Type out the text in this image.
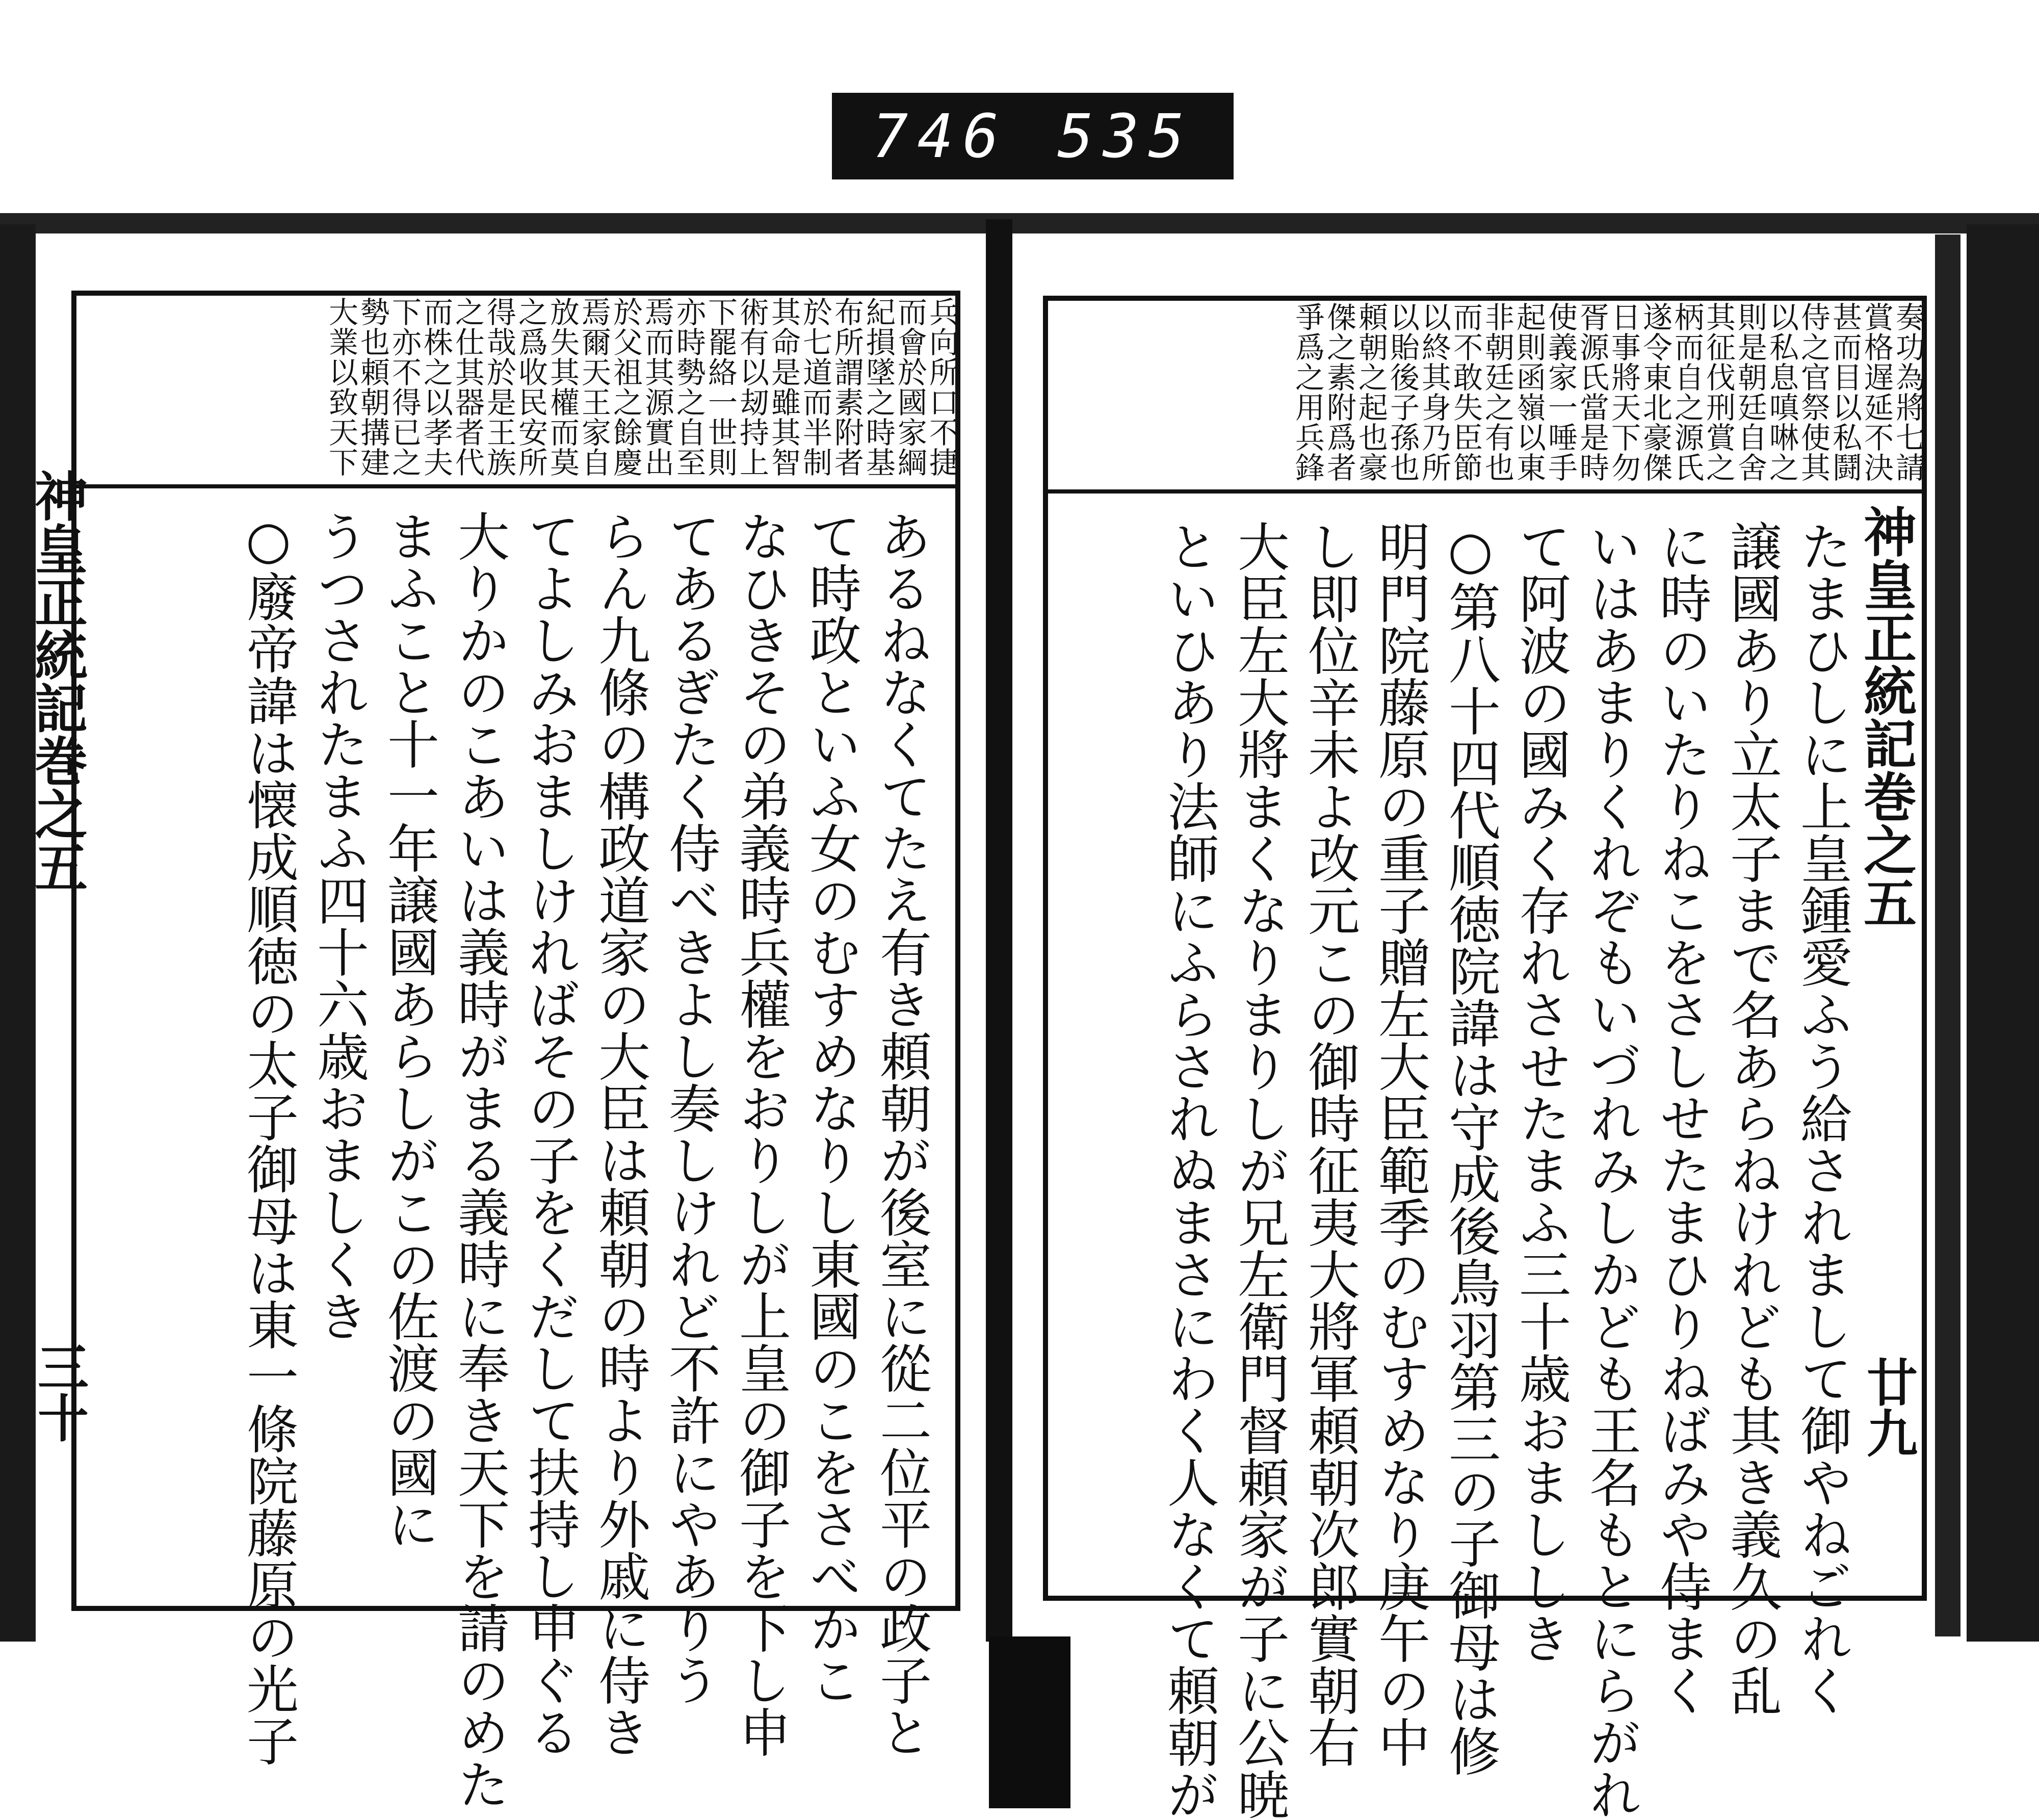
746 535
奏功為將七請
賞格遅延不決
甚而目以私鬪
侍之官祭使其
以私息嗔啉之
則是朝廷自舍
其征伐刑賞之
柄而自之源氏
遂令東北豪傑
日事將天下勿
胥源氏當是時
使義家一唾手
起則函嶺以東
非朝廷之有也
而不敢失臣節
以終其身乃所
以貽後子孫也
頼朝之起也豪
傑之素附爲者
爭爲之用兵鋒
たまひしに上皇鍾愛ふう給されまして御やねごれく
譲國あり立太子まで名あらねけれども其き義久の乱
に時のいたりねこをさしせたまひりねばみや侍まく
いはあまりくれぞもいづれみしかども王名もとにらがれ
て阿波の國みく存れさせたまふ三十歳おまししき
○第八十四代順徳院諱は守成後鳥羽第三の子御母は修
明門院藤原の重子贈左大臣範季のむすめなり庚午の中
し即位辛未よ改元この御時征夷大將軍頼朝次郎實朝右
大臣左大將まくなりまりしが兄左衛門督頼家が子に公暁
といひあり法師にふらされぬまさにわく人なくて頼朝が	神皇正統記巻之五
廿九
兵向所口不捷
而會於國家綱
紀損墜之時基
布所謂素附者
於七道而半制
其命是雖其智
術有以刼持上
下罷絡一世則
亦時勢之自至
焉而其源實出
於父祖之餘慶
焉爾天王家自
放失其權而莫
之爲收民安所
得哉於是王族
之仕其器者代
而株之以孝夫
下亦不得已之
勢也頼朝搆建
大業以致天下
あるねなくてたえ有き頼朝が後室に從二位平の政子と
て時政といふ女のむすめなりし東國のこをさべかこ
なひきその弟義時兵權をおりしが上皇の御子を下し申
てあるぎたく侍べきよし奏しけれど不許にやありう
らん九條の構政道家の大臣は頼朝の時より外戚に侍き
てよしみおましければその子をくだして扶持し申ぐる
大りかのこあいは義時がまる義時に奉き天下を請のめた
まふこと十一年譲國あらしがこの佐渡の國に
うつされたまふ四十六歳おましくき
○廢帝諱は懐成順徳の太子御母は東一條院藤原の光子
神皇正統記巻之五
三十
